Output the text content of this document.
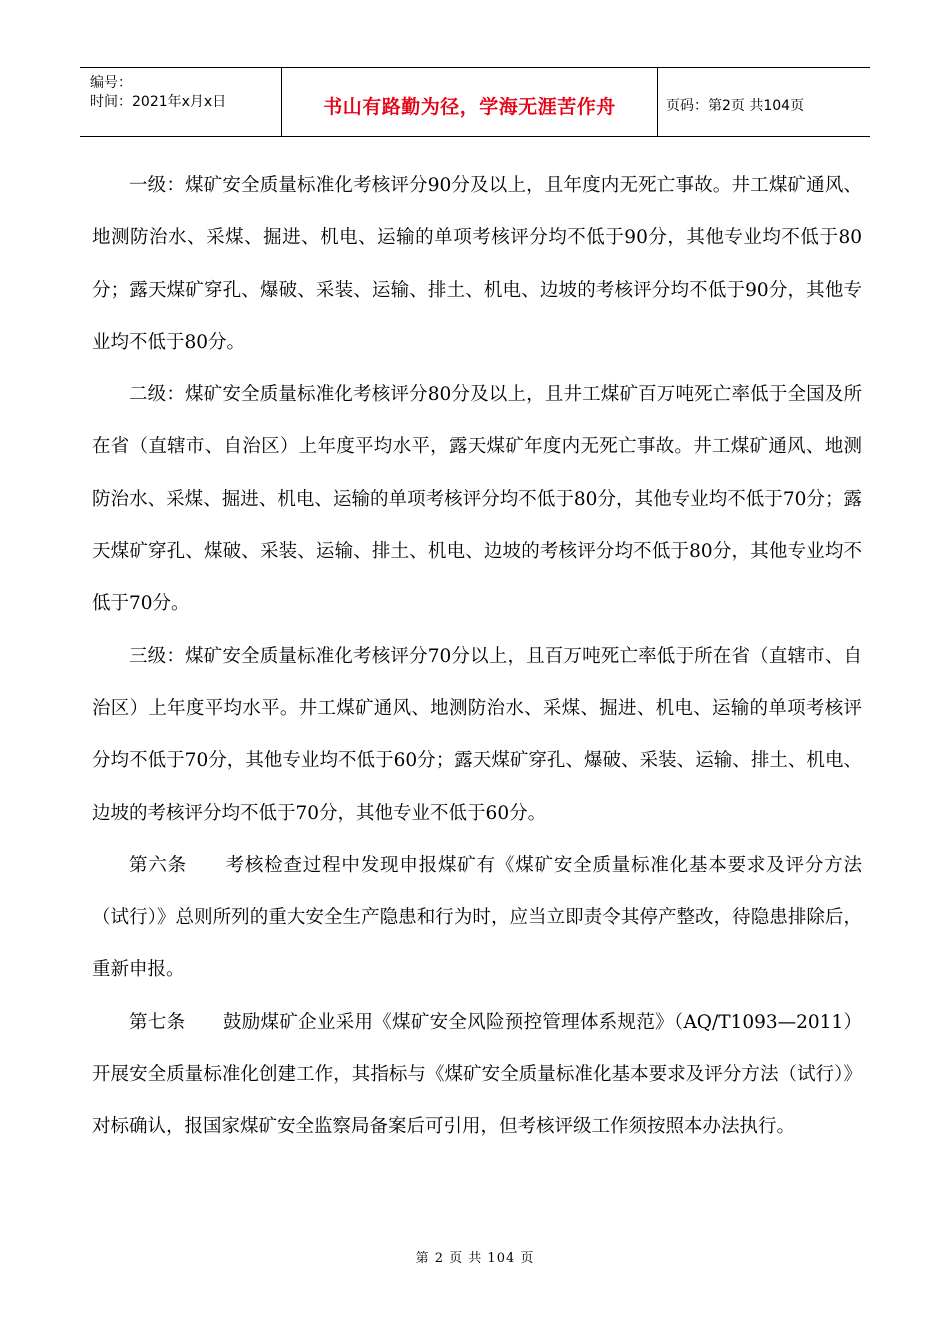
编号：
时间：2021年x月x日	书山有路勤为径，学海无涯苦作舟	页码：第2页 共104页

一级：煤矿安全质量标准化考核评分90分及以上，且年度内无死亡事故。井工煤矿通风、地测防治水、采煤、掘进、机电、运输的单项考核评分均不低于90分，其他专业均不低于80分；露天煤矿穿孔、爆破、采装、运输、排土、机电、边坡的考核评分均不低于90分，其他专业均不低于80分。

二级：煤矿安全质量标准化考核评分80分及以上，且井工煤矿百万吨死亡率低于全国及所在省（直辖市、自治区）上年度平均水平，露天煤矿年度内无死亡事故。井工煤矿通风、地测防治水、采煤、掘进、机电、运输的单项考核评分均不低于80分，其他专业均不低于70分；露天煤矿穿孔、煤破、采装、运输、排土、机电、边坡的考核评分均不低于80分，其他专业均不低于70分。

三级：煤矿安全质量标准化考核评分70分以上，且百万吨死亡率低于所在省（直辖市、自治区）上年度平均水平。井工煤矿通风、地测防治水、采煤、掘进、机电、运输的单项考核评分均不低于70分，其他专业均不低于60分；露天煤矿穿孔、爆破、采装、运输、排土、机电、边坡的考核评分均不低于70分，其他专业不低于60分。

第六条　　考核检查过程中发现申报煤矿有《煤矿安全质量标准化基本要求及评分方法（试行）》总则所列的重大安全生产隐患和行为时，应当立即责令其停产整改，待隐患排除后，重新申报。

第七条　　鼓励煤矿企业采用《煤矿安全风险预控管理体系规范》（AQ/T1093—2011）开展安全质量标准化创建工作，其指标与《煤矿安全质量标准化基本要求及评分方法（试行）》对标确认，报国家煤矿安全监察局备案后可引用，但考核评级工作须按照本办法执行。

第 2 页 共 104 页
